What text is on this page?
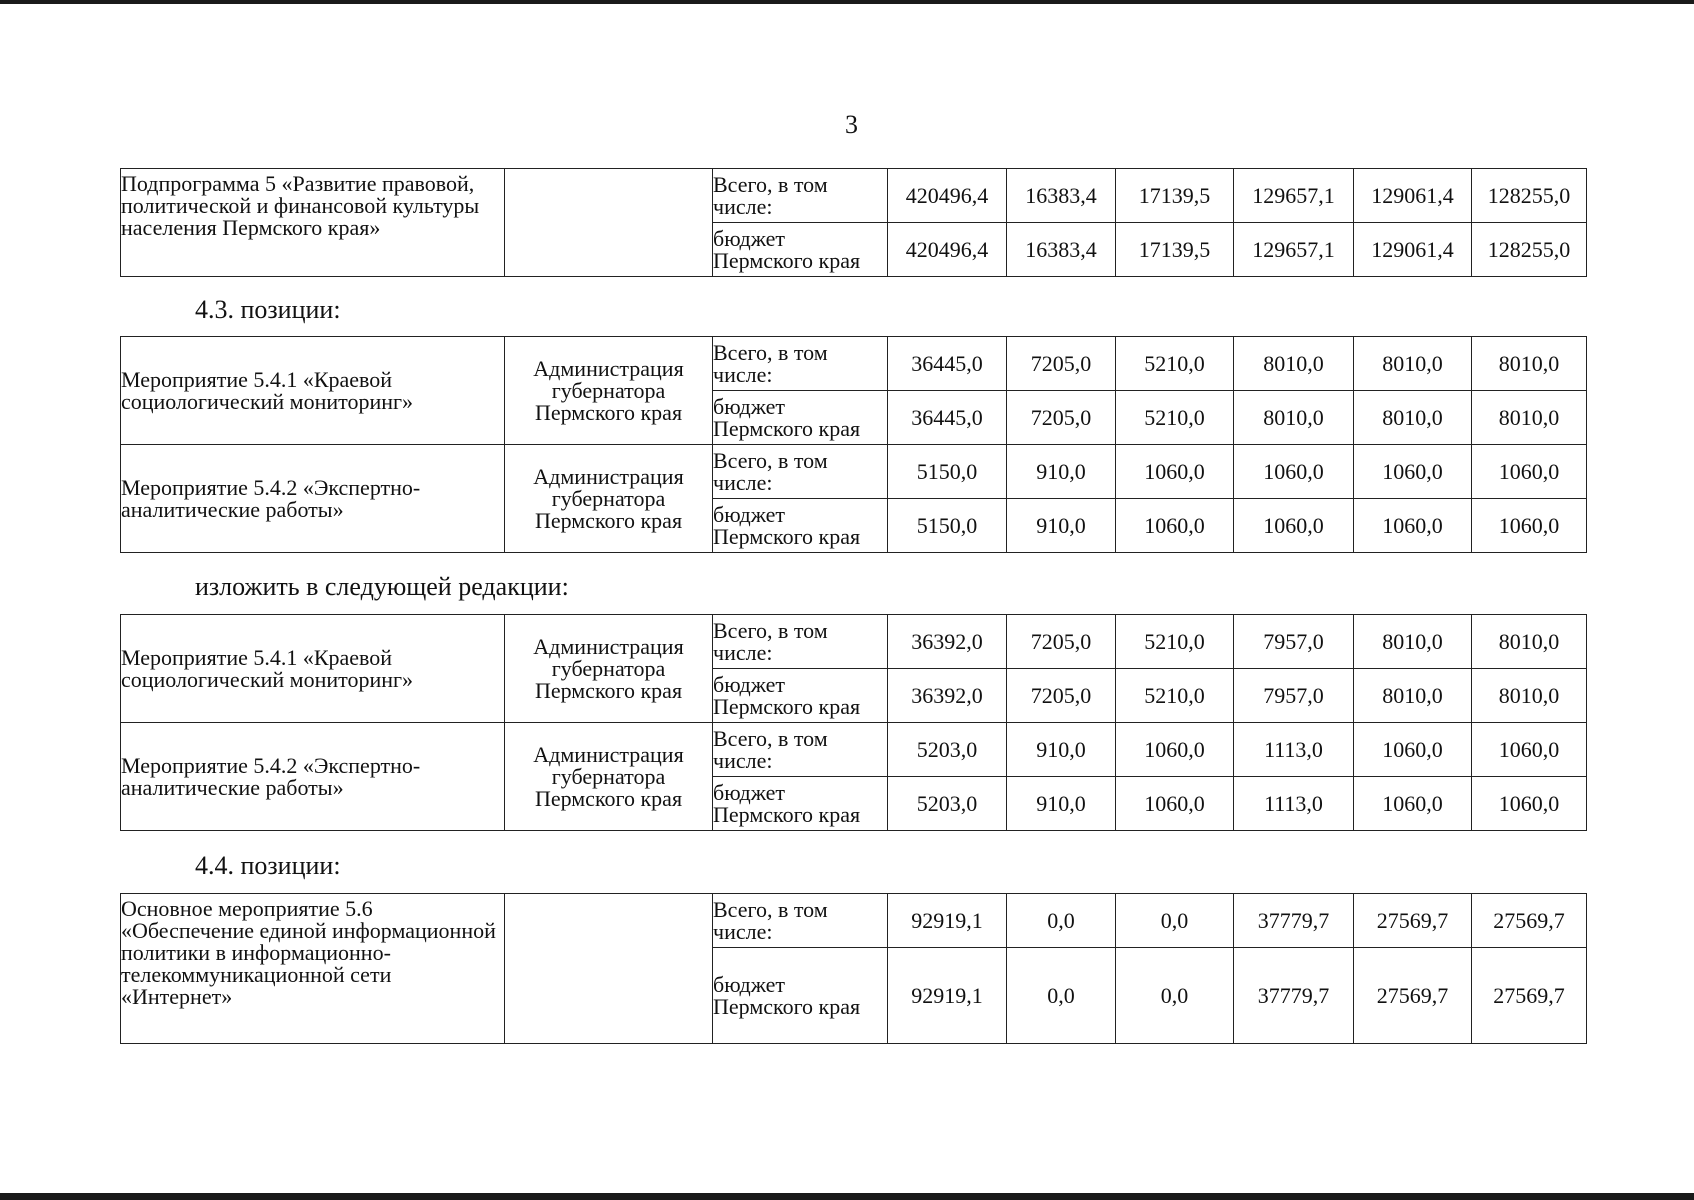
3
Подпрограмма 5 «Развитие правовой, политической и финансовой культуры населения Пермского края»		Всего, в том числе:	420496,4	16383,4	17139,5	129657,1	129061,4	128255,0
		бюджет Пермского края	420496,4	16383,4	17139,5	129657,1	129061,4	128255,0
4.3. позиции:
Мероприятие 5.4.1 «Краевой социологический мониторинг»	Администрация губернатора Пермского края	Всего, в том числе:	36445,0	7205,0	5210,0	8010,0	8010,0	8010,0
		бюджет Пермского края	36445,0	7205,0	5210,0	8010,0	8010,0	8010,0
Мероприятие 5.4.2 «Экспертно-аналитические работы»	Администрация губернатора Пермского края	Всего, в том числе:	5150,0	910,0	1060,0	1060,0	1060,0	1060,0
		бюджет Пермского края	5150,0	910,0	1060,0	1060,0	1060,0	1060,0
изложить в следующей редакции:
Мероприятие 5.4.1 «Краевой социологический мониторинг»	Администрация губернатора Пермского края	Всего, в том числе:	36392,0	7205,0	5210,0	7957,0	8010,0	8010,0
		бюджет Пермского края	36392,0	7205,0	5210,0	7957,0	8010,0	8010,0
Мероприятие 5.4.2 «Экспертно-аналитические работы»	Администрация губернатора Пермского края	Всего, в том числе:	5203,0	910,0	1060,0	1113,0	1060,0	1060,0
		бюджет Пермского края	5203,0	910,0	1060,0	1113,0	1060,0	1060,0
4.4. позиции:
Основное мероприятие 5.6 «Обеспечение единой информационной политики в информационно-телекоммуникационной сети «Интернет»		Всего, в том числе:	92919,1	0,0	0,0	37779,7	27569,7	27569,7
		бюджет Пермского края	92919,1	0,0	0,0	37779,7	27569,7	27569,7
